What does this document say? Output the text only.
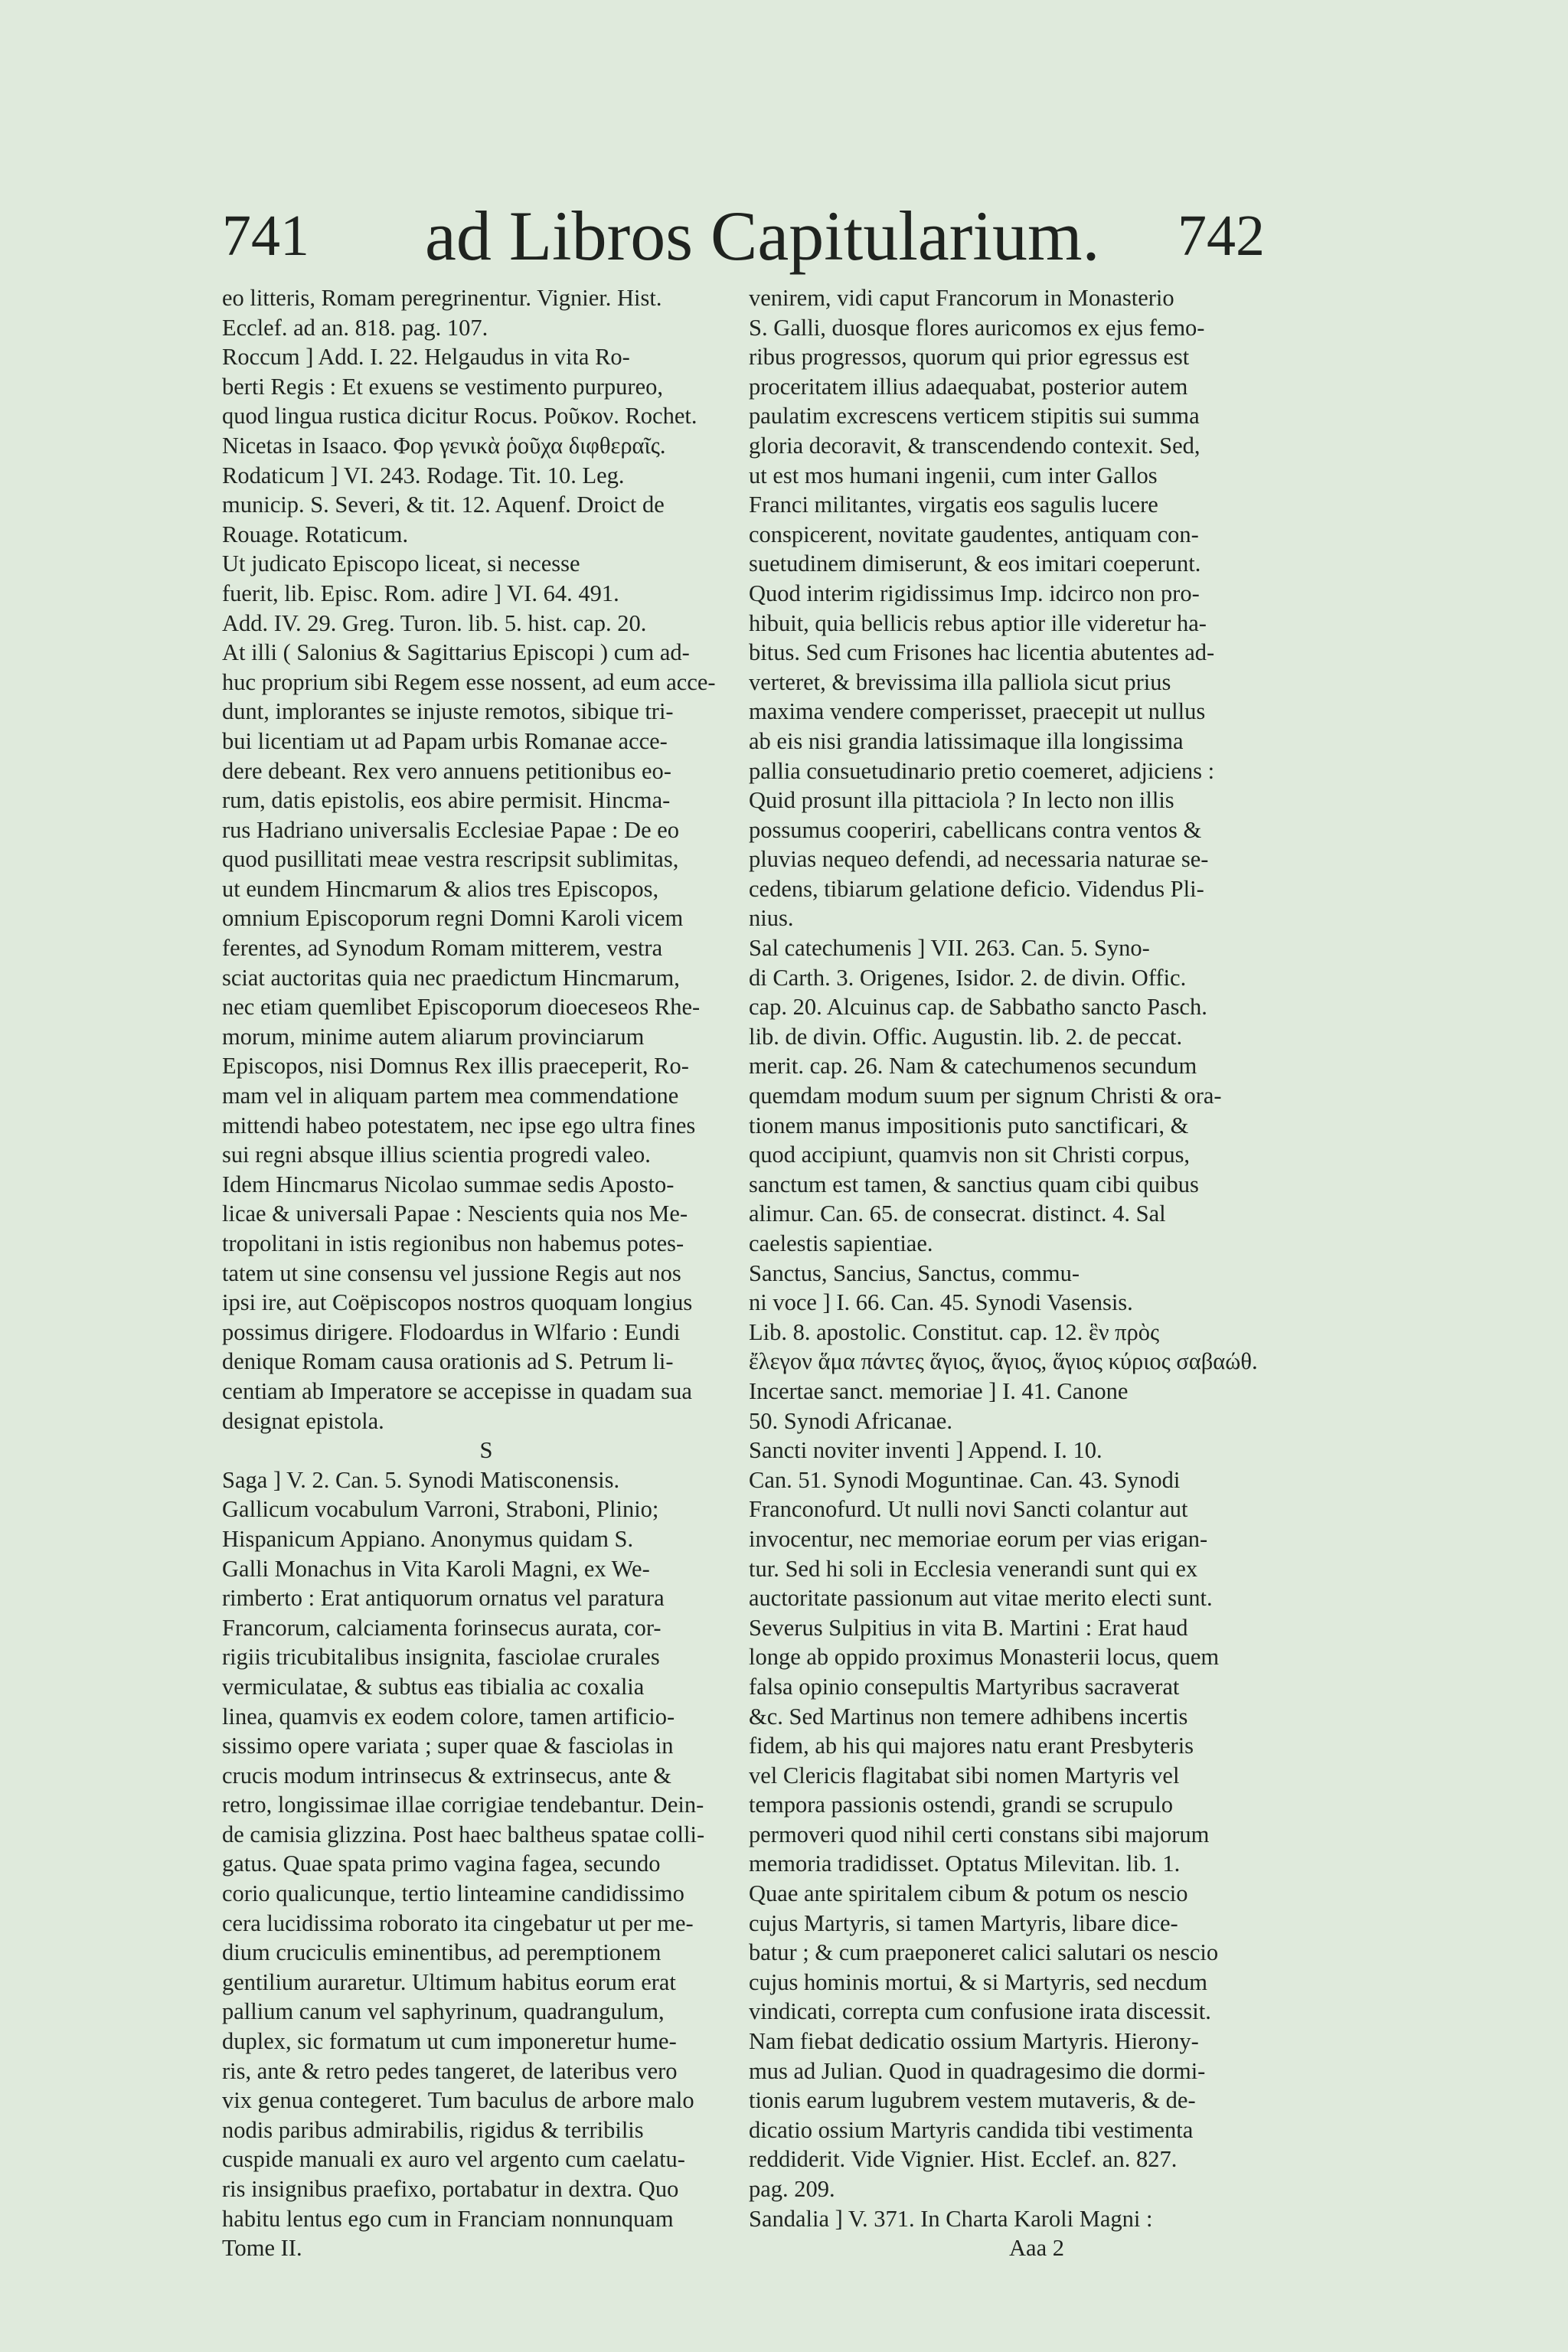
741 ad Libros Capitularium. 742
eo litteris, Romam peregrinentur. Vignier. Hist.
Ecclef. ad an. 818. pag. 107.
Roccum ] Add. I. 22. Helgaudus in vita Ro-
berti Regis : Et exuens se vestimento purpureo,
quod lingua rustica dicitur Rocus. Ροῦκον. Rochet.
Nicetas in Isaaco. Φορ γενικὰ ῥοῦχα διφθεραῖς.
Rodaticum ] VI. 243. Rodage. Tit. 10. Leg.
municip. S. Severi, & tit. 12. Aquenf. Droict de
Rouage. Rotaticum.
Ut judicato Episcopo liceat, si necesse
fuerit, lib. Episc. Rom. adire ] VI. 64. 491.
Add. IV. 29. Greg. Turon. lib. 5. hist. cap. 20.
At illi ( Salonius & Sagittarius Episcopi ) cum ad-
huc proprium sibi Regem esse nossent, ad eum acce-
dunt, implorantes se injuste remotos, sibique tri-
bui licentiam ut ad Papam urbis Romanae acce-
dere debeant. Rex vero annuens petitionibus eo-
rum, datis epistolis, eos abire permisit. Hincma-
rus Hadriano universalis Ecclesiae Papae : De eo
quod pusillitati meae vestra rescripsit sublimitas,
ut eundem Hincmarum & alios tres Episcopos,
omnium Episcoporum regni Domni Karoli vicem
ferentes, ad Synodum Romam mitterem, vestra
sciat auctoritas quia nec praedictum Hincmarum,
nec etiam quemlibet Episcoporum dioeceseos Rhe-
morum, minime autem aliarum provinciarum
Episcopos, nisi Domnus Rex illis praeceperit, Ro-
mam vel in aliquam partem mea commendatione
mittendi habeo potestatem, nec ipse ego ultra fines
sui regni absque illius scientia progredi valeo.
Idem Hincmarus Nicolao summae sedis Aposto-
licae & universali Papae : Nescients quia nos Me-
tropolitani in istis regionibus non habemus potes-
tatem ut sine consensu vel jussione Regis aut nos
ipsi ire, aut Coëpiscopos nostros quoquam longius
possimus dirigere. Flodoardus in Wlfario : Eundi
denique Romam causa orationis ad S. Petrum li-
centiam ab Imperatore se accepisse in quadam sua
designat epistola.
S
Saga ] V. 2. Can. 5. Synodi Matisconensis.
Gallicum vocabulum Varroni, Straboni, Plinio;
Hispanicum Appiano. Anonymus quidam S.
Galli Monachus in Vita Karoli Magni, ex We-
rimberto : Erat antiquorum ornatus vel paratura
Francorum, calciamenta forinsecus aurata, cor-
rigiis tricubitalibus insignita, fasciolae crurales
vermiculatae, & subtus eas tibialia ac coxalia
linea, quamvis ex eodem colore, tamen artificio-
sissimo opere variata ; super quae & fasciolas in
crucis modum intrinsecus & extrinsecus, ante &
retro, longissimae illae corrigiae tendebantur. Dein-
de camisia glizzina. Post haec baltheus spatae colli-
gatus. Quae spata primo vagina fagea, secundo
corio qualicunque, tertio linteamine candidissimo
cera lucidissima roborato ita cingebatur ut per me-
dium cruciculis eminentibus, ad peremptionem
gentilium auraretur. Ultimum habitus eorum erat
pallium canum vel saphyrinum, quadrangulum,
duplex, sic formatum ut cum imponeretur hume-
ris, ante & retro pedes tangeret, de lateribus vero
vix genua contegeret. Tum baculus de arbore malo
nodis paribus admirabilis, rigidus & terribilis
cuspide manuali ex auro vel argento cum caelatu-
ris insignibus praefixo, portabatur in dextra. Quo
habitu lentus ego cum in Franciam nonnunquam
Tome II.
venirem, vidi caput Francorum in Monasterio
S. Galli, duosque flores auricomos ex ejus femo-
ribus progressos, quorum qui prior egressus est
proceritatem illius adaequabat, posterior autem
paulatim excrescens verticem stipitis sui summa
gloria decoravit, & transcendendo contexit. Sed,
ut est mos humani ingenii, cum inter Gallos
Franci militantes, virgatis eos sagulis lucere
conspicerent, novitate gaudentes, antiquam con-
suetudinem dimiserunt, & eos imitari coeperunt.
Quod interim rigidissimus Imp. idcirco non pro-
hibuit, quia bellicis rebus aptior ille videretur ha-
bitus. Sed cum Frisones hac licentia abutentes ad-
verteret, & brevissima illa palliola sicut prius
maxima vendere comperisset, praecepit ut nullus
ab eis nisi grandia latissimaque illa longissima
pallia consuetudinario pretio coemeret, adjiciens :
Quid prosunt illa pittaciola ? In lecto non illis
possumus cooperiri, cabellicans contra ventos &
pluvias nequeo defendi, ad necessaria naturae se-
cedens, tibiarum gelatione deficio. Videndus Pli-
nius.
Sal catechumenis ] VII. 263. Can. 5. Syno-
di Carth. 3. Origenes, Isidor. 2. de divin. Offic.
cap. 20. Alcuinus cap. de Sabbatho sancto Pasch.
lib. de divin. Offic. Augustin. lib. 2. de peccat.
merit. cap. 26. Nam & catechumenos secundum
quemdam modum suum per signum Christi & ora-
tionem manus impositionis puto sanctificari, &
quod accipiunt, quamvis non sit Christi corpus,
sanctum est tamen, & sanctius quam cibi quibus
alimur. Can. 65. de consecrat. distinct. 4. Sal
caelestis sapientiae.
Sanctus, Sancius, Sanctus, commu-
ni voce ] I. 66. Can. 45. Synodi Vasensis.
Lib. 8. apostolic. Constitut. cap. 12. ἓν πρὸς
ἔλεγον ἅμα πάντες ἅγιος, ἅγιος, ἅγιος κύριος σαβαώθ.
Incertae sanct. memoriae ] I. 41. Canone
50. Synodi Africanae.
Sancti noviter inventi ] Append. I. 10.
Can. 51. Synodi Moguntinae. Can. 43. Synodi
Franconofurd. Ut nulli novi Sancti colantur aut
invocentur, nec memoriae eorum per vias erigan-
tur. Sed hi soli in Ecclesia venerandi sunt qui ex
auctoritate passionum aut vitae merito electi sunt.
Severus Sulpitius in vita B. Martini : Erat haud
longe ab oppido proximus Monasterii locus, quem
falsa opinio consepultis Martyribus sacraverat
&c. Sed Martinus non temere adhibens incertis
fidem, ab his qui majores natu erant Presbyteris
vel Clericis flagitabat sibi nomen Martyris vel
tempora passionis ostendi, grandi se scrupulo
permoveri quod nihil certi constans sibi majorum
memoria tradidisset. Optatus Milevitan. lib. 1.
Quae ante spiritalem cibum & potum os nescio
cujus Martyris, si tamen Martyris, libare dice-
batur ; & cum praeponeret calici salutari os nescio
cujus hominis mortui, & si Martyris, sed necdum
vindicati, correpta cum confusione irata discessit.
Nam fiebat dedicatio ossium Martyris. Hierony-
mus ad Julian. Quod in quadragesimo die dormi-
tionis earum lugubrem vestem mutaveris, & de-
dicatio ossium Martyris candida tibi vestimenta
reddiderit. Vide Vignier. Hist. Ecclef. an. 827.
pag. 209.
Sandalia ] V. 371. In Charta Karoli Magni :
Aaa 2
